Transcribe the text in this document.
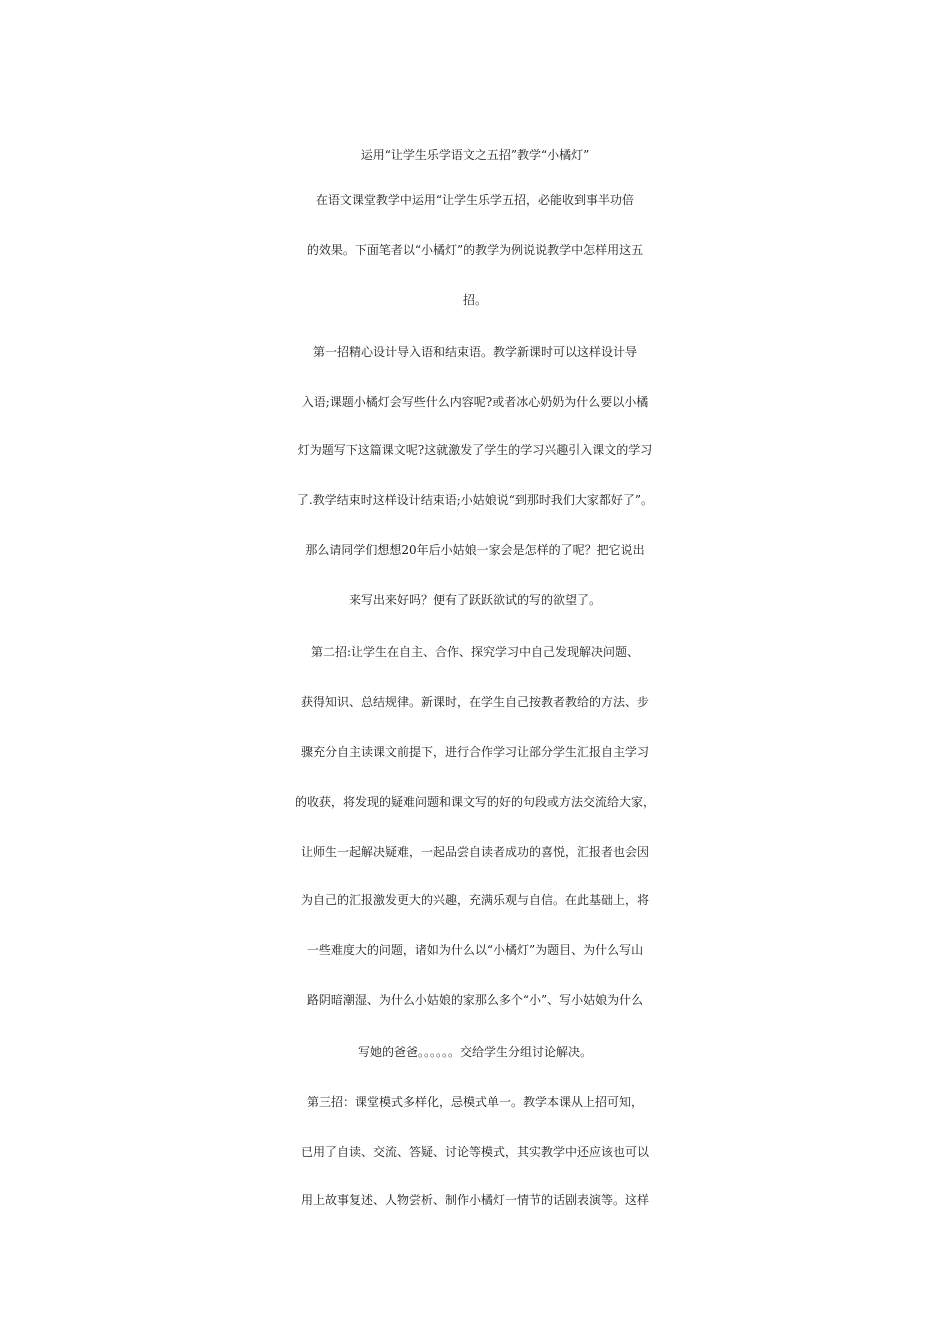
运用“让学生乐学语文之五招”教学“小橘灯”
在语文课堂教学中运用“让学生乐学五招，必能收到事半功倍
的效果。下面笔者以“小橘灯”的教学为例说说教学中怎样用这五
招。
第一招精心设计导入语和结束语。教学新课时可以这样设计导
入语;课题小橘灯会写些什么内容呢?或者冰心奶奶为什么要以小橘
灯为题写下这篇课文呢?这就激发了学生的学习兴趣引入课文的学习
了.教学结束时这样设计结束语;小姑娘说“到那时我们大家都好了”。
那么请同学们想想20年后小姑娘一家会是怎样的了呢？把它说出
来写出来好吗？便有了跃跃欲试的写的欲望了。
第二招:让学生在自主、合作、探究学习中自己发现解决问题、
获得知识、总结规律。新课时，在学生自己按教者教给的方法、步
骤充分自主读课文前提下，进行合作学习让部分学生汇报自主学习
的收获，将发现的疑难问题和课文写的好的句段或方法交流给大家，
让师生一起解决疑难，一起品尝自读者成功的喜悦，汇报者也会因
为自己的汇报激发更大的兴趣，充满乐观与自信。在此基础上，将
一些难度大的问题，诸如为什么以“小橘灯”为题目、为什么写山
路阴暗潮湿、为什么小姑娘的家那么多个“小”、写小姑娘为什么
写她的爸爸。。。。。。交给学生分组讨论解决。
第三招：课堂模式多样化，忌模式单一。教学本课从上招可知，
已用了自读、交流、答疑、讨论等模式，其实教学中还应该也可以
用上故事复述、人物尝析、制作小橘灯一情节的话剧表演等。这样
